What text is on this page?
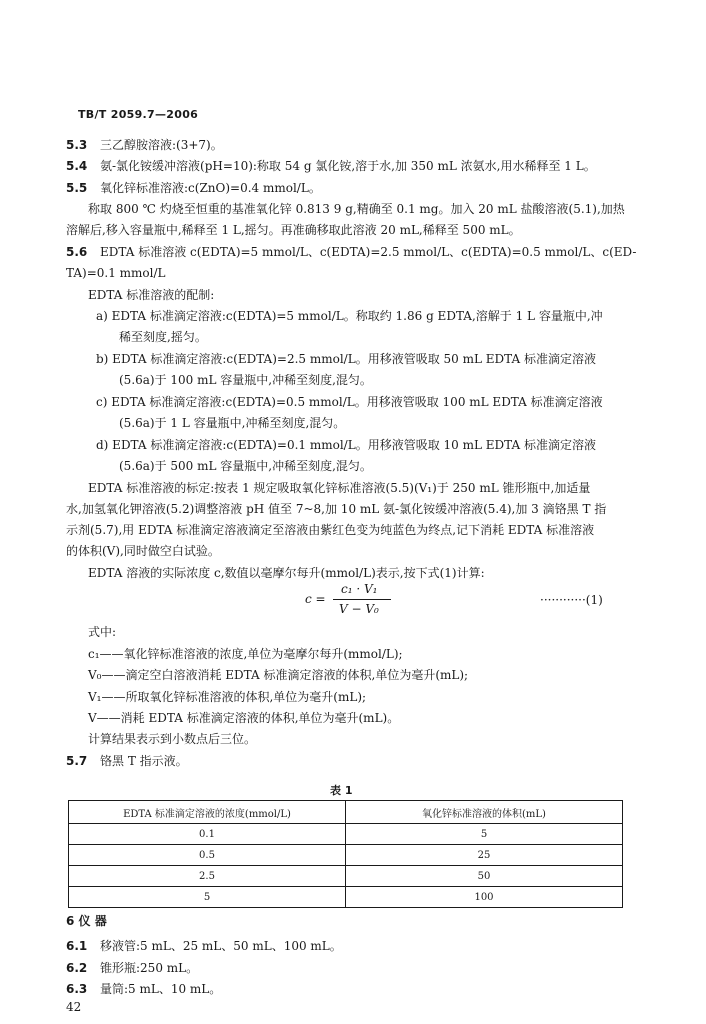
TB/T 2059.7—2006
5.3 三乙醇胺溶液:(3+7)。
5.4 氨-氯化铵缓冲溶液(pH=10):称取 54 g 氯化铵,溶于水,加 350 mL 浓氨水,用水稀释至 1 L。
5.5 氧化锌标准溶液:c(ZnO)=0.4 mmol/L。
称取 800 ℃ 灼烧至恒重的基准氧化锌 0.813 9 g,精确至 0.1 mg。加入 20 mL 盐酸溶液(5.1),加热
溶解后,移入容量瓶中,稀释至 1 L,摇匀。再准确移取此溶液 20 mL,稀释至 500 mL。
5.6 EDTA 标准溶液 c(EDTA)=5 mmol/L、c(EDTA)=2.5 mmol/L、c(EDTA)=0.5 mmol/L、c(ED-
TA)=0.1 mmol/L
EDTA 标准溶液的配制:
a) EDTA 标准滴定溶液:c(EDTA)=5 mmol/L。称取约 1.86 g EDTA,溶解于 1 L 容量瓶中,冲
稀至刻度,摇匀。
b) EDTA 标准滴定溶液:c(EDTA)=2.5 mmol/L。用移液管吸取 50 mL EDTA 标准滴定溶液
(5.6a)于 100 mL 容量瓶中,冲稀至刻度,混匀。
c) EDTA 标准滴定溶液:c(EDTA)=0.5 mmol/L。用移液管吸取 100 mL EDTA 标准滴定溶液
(5.6a)于 1 L 容量瓶中,冲稀至刻度,混匀。
d) EDTA 标准滴定溶液:c(EDTA)=0.1 mmol/L。用移液管吸取 10 mL EDTA 标准滴定溶液
(5.6a)于 500 mL 容量瓶中,冲稀至刻度,混匀。
EDTA 标准溶液的标定:按表 1 规定吸取氧化锌标准溶液(5.5)(V₁)于 250 mL 锥形瓶中,加适量
水,加氢氧化钾溶液(5.2)调整溶液 pH 值至 7~8,加 10 mL 氨-氯化铵缓冲溶液(5.4),加 3 滴铬黑 T 指
示剂(5.7),用 EDTA 标准滴定溶液滴定至溶液由紫红色变为纯蓝色为终点,记下消耗 EDTA 标准溶液
的体积(V),同时做空白试验。
EDTA 溶液的实际浓度 c,数值以毫摩尔每升(mmol/L)表示,按下式(1)计算:
c =
c₁ · V₁
V − V₀
············(1)
式中:
c₁——氧化锌标准溶液的浓度,单位为毫摩尔每升(mmol/L);
V₀——滴定空白溶液消耗 EDTA 标准滴定溶液的体积,单位为毫升(mL);
V₁——所取氧化锌标准溶液的体积,单位为毫升(mL);
V——消耗 EDTA 标准滴定溶液的体积,单位为毫升(mL)。
计算结果表示到小数点后三位。
5.7 铬黑 T 指示液。
表 1
EDTA 标准滴定溶液的浓度(mmol/L)	氧化锌标准溶液的体积(mL)
0.1	5
0.5	25
2.5	50
5	100
6 仪 器
6.1 移液管:5 mL、25 mL、50 mL、100 mL。
6.2 锥形瓶:250 mL。
6.3 量筒:5 mL、10 mL。
42
